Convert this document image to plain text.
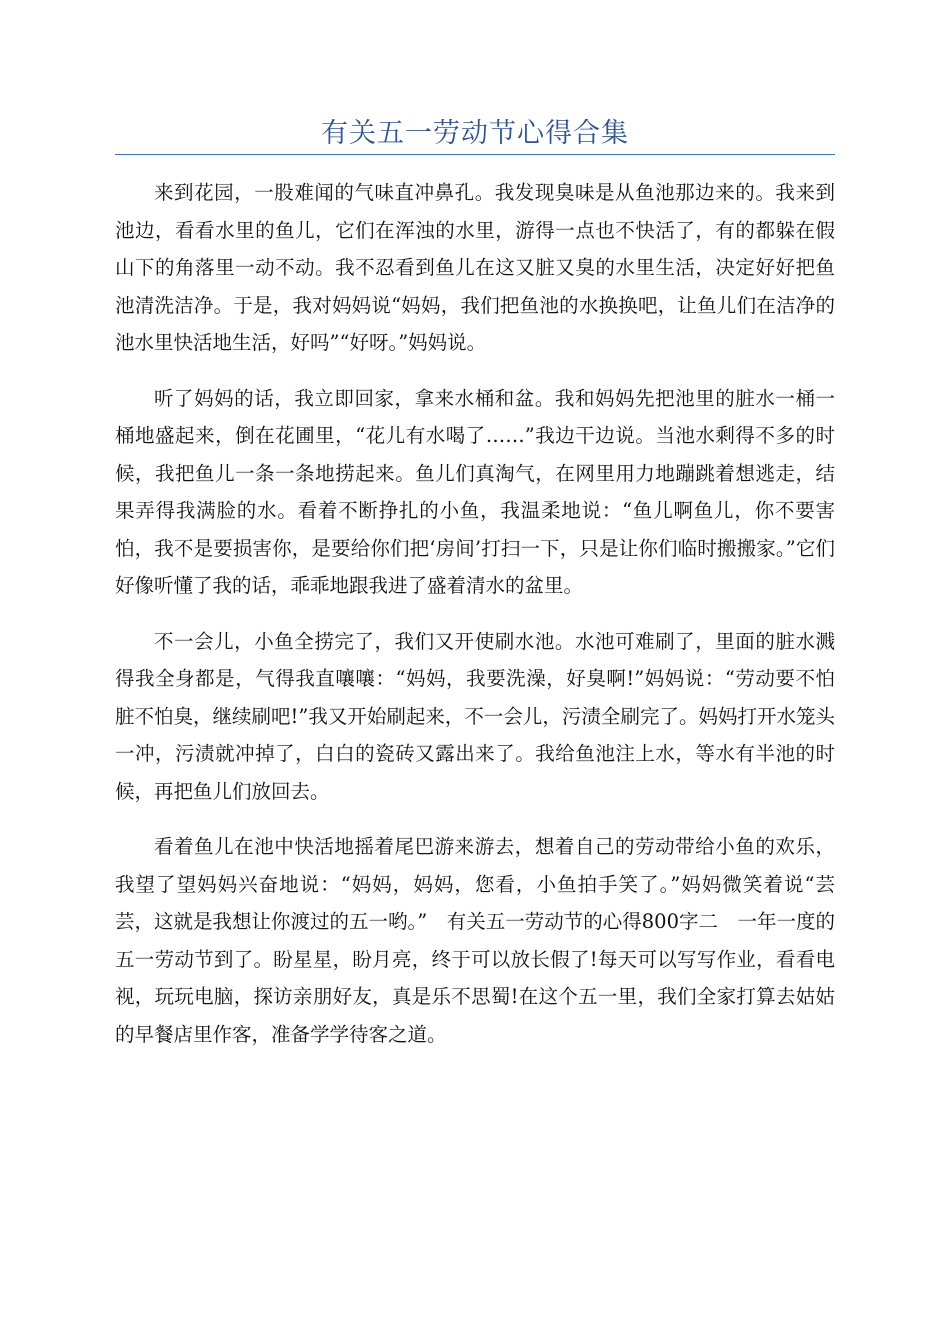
有关五一劳动节心得合集

来到花园，一股难闻的气味直冲鼻孔。我发现臭味是从鱼池那边来的。我来到池边，看看水里的鱼儿，它们在浑浊的水里，游得一点也不快活了，有的都躲在假山下的角落里一动不动。我不忍看到鱼儿在这又脏又臭的水里生活，决定好好把鱼池清洗洁净。于是，我对妈妈说“妈妈，我们把鱼池的水换换吧，让鱼儿们在洁净的池水里快活地生活，好吗”“好呀。”妈妈说。

听了妈妈的话，我立即回家，拿来水桶和盆。我和妈妈先把池里的脏水一桶一桶地盛起来，倒在花圃里，“花儿有水喝了……”我边干边说。当池水剩得不多的时候，我把鱼儿一条一条地捞起来。鱼儿们真淘气，在网里用力地蹦跳着想逃走，结果弄得我满脸的水。看着不断挣扎的小鱼，我温柔地说：“鱼儿啊鱼儿，你不要害怕，我不是要损害你，是要给你们把‘房间’打扫一下，只是让你们临时搬搬家。”它们好像听懂了我的话，乖乖地跟我进了盛着清水的盆里。

不一会儿，小鱼全捞完了，我们又开使刷水池。水池可难刷了，里面的脏水溅得我全身都是，气得我直嚷嚷：“妈妈，我要洗澡，好臭啊!”妈妈说：“劳动要不怕脏不怕臭，继续刷吧!”我又开始刷起来，不一会儿，污渍全刷完了。妈妈打开水笼头一冲，污渍就冲掉了，白白的瓷砖又露出来了。我给鱼池注上水，等水有半池的时候，再把鱼儿们放回去。

看着鱼儿在池中快活地摇着尾巴游来游去，想着自己的劳动带给小鱼的欢乐，我望了望妈妈兴奋地说：“妈妈，妈妈，您看，小鱼拍手笑了。”妈妈微笑着说“芸芸，这就是我想让你渡过的五一哟。”　有关五一劳动节的心得800字二　一年一度的五一劳动节到了。盼星星，盼月亮，终于可以放长假了!每天可以写写作业，看看电视，玩玩电脑，探访亲朋好友，真是乐不思蜀!在这个五一里，我们全家打算去姑姑的早餐店里作客，准备学学待客之道。
